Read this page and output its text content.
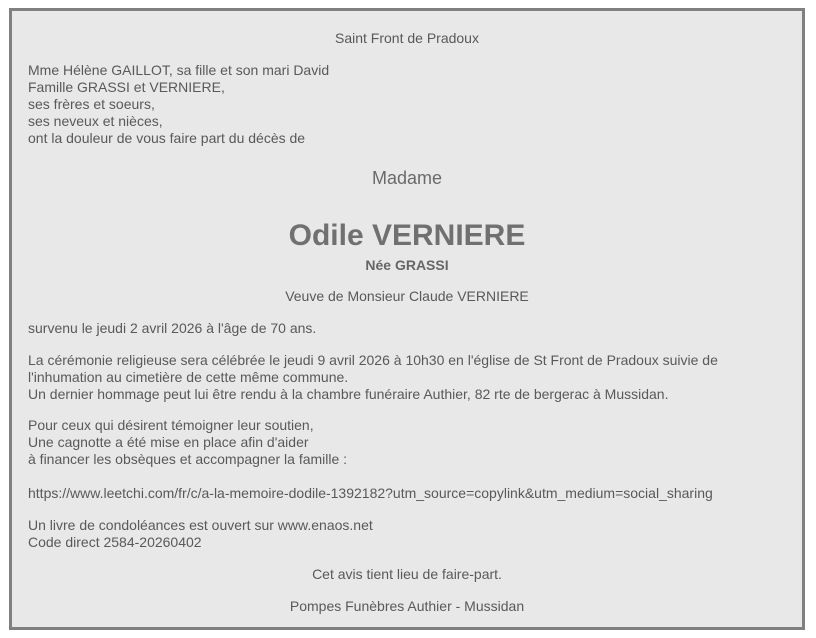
Saint Front de Pradoux
Mme Hélène GAILLOT, sa fille et son mari David
Famille GRASSI et VERNIERE,
ses frères et soeurs,
ses neveux et nièces,
ont la douleur de vous faire part du décès de
Madame
Odile VERNIERE
Née GRASSI
Veuve de Monsieur Claude VERNIERE
survenu le jeudi 2 avril 2026 à l'âge de 70 ans.
La cérémonie religieuse sera célébrée le jeudi 9 avril 2026 à 10h30 en l'église de St Front de Pradoux suivie de
l'inhumation au cimetière de cette même commune.
Un dernier hommage peut lui être rendu à la chambre funéraire Authier, 82 rte de bergerac à Mussidan.
Pour ceux qui désirent témoigner leur soutien,
Une cagnotte a été mise en place afin d'aider
à financer les obsèques et accompagner la famille :
https://www.leetchi.com/fr/c/a-la-memoire-dodile-1392182?utm_source=copylink&utm_medium=social_sharing
Un livre de condoléances est ouvert sur www.enaos.net
Code direct 2584-20260402
Cet avis tient lieu de faire-part.
Pompes Funèbres Authier - Mussidan
